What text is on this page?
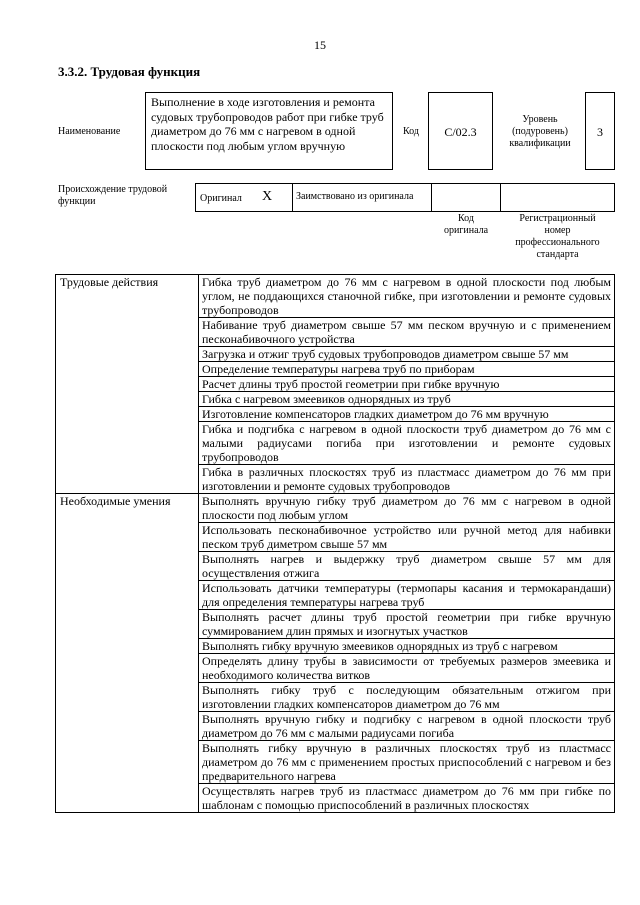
15
3.3.2. Трудовая функция
Наименование
Выполнение в ходе изготовления и ремонта судовых трубопроводов работ при гибке труб диаметром до 76 мм с нагревом в одной плоскости под любым углом вручную
Код	C/02.3
Уровень (подуровень) квалификации
3
Происхождение трудовой функции	Оригинал X	Заимствовано из оригинала
Код оригинала
Регистрационный номер профессионального стандарта
Трудовые действия	Гибка труб диаметром до 76 мм с нагревом в одной плоскости под любым углом, не поддающихся станочной гибке, при изготовлении и ремонте судовых трубопроводов
	Набивание труб диаметром свыше 57 мм песком вручную и с применением песконабивочного устройства
	Загрузка и отжиг труб судовых трубопроводов диаметром свыше 57 мм
	Определение температуры нагрева труб по приборам
	Расчет длины труб простой геометрии при гибке вручную
	Гибка с нагревом змеевиков однорядных из труб
	Изготовление компенсаторов гладких диаметром до 76 мм вручную
	Гибка и подгибка с нагревом в одной плоскости труб диаметром до 76 мм с малыми радиусами погиба при изготовлении и ремонте судовых трубопроводов
	Гибка в различных плоскостях труб из пластмасс диаметром до 76 мм при изготовлении и ремонте судовых трубопроводов
Необходимые умения	Выполнять вручную гибку труб диаметром до 76 мм с нагревом в одной плоскости под любым углом
	Использовать песконабивочное устройство или ручной метод для набивки песком труб диметром свыше 57 мм
	Выполнять нагрев и выдержку труб диаметром свыше 57 мм для осуществления отжига
	Использовать датчики температуры (термопары касания и термокарандаши) для определения температуры нагрева труб
	Выполнять расчет длины труб простой геометрии при гибке вручную суммированием длин прямых и изогнутых участков
	Выполнять гибку вручную змеевиков однорядных из труб с нагревом
	Определять длину трубы в зависимости от требуемых размеров змеевика и необходимого количества витков
	Выполнять гибку труб с последующим обязательным отжигом при изготовлении гладких компенсаторов диаметром до 76 мм
	Выполнять вручную гибку и подгибку с нагревом в одной плоскости труб диаметром до 76 мм с малыми радиусами погиба
	Выполнять гибку вручную в различных плоскостях труб из пластмасс диаметром до 76 мм с применением простых приспособлений с нагревом и без предварительного нагрева
	Осуществлять нагрев труб из пластмасс диаметром до 76 мм при гибке по шаблонам с помощью приспособлений в различных плоскостях
